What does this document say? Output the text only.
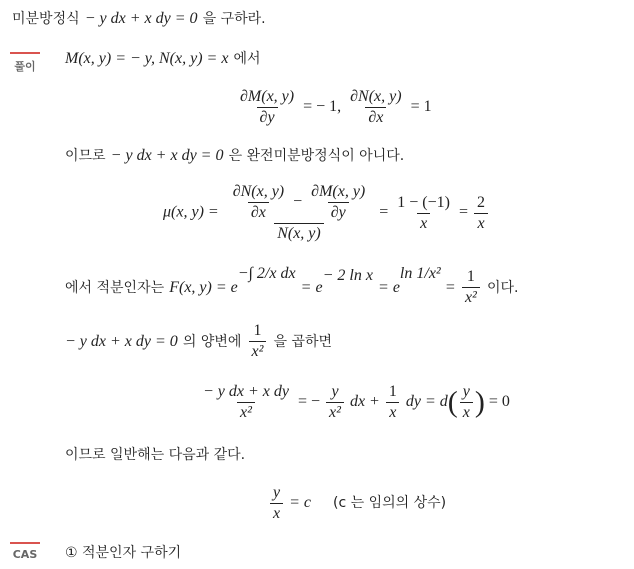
미분방정식 − y dx + x dy = 0 을 구하라.
풀이 M(x, y) = − y, N(x, y) = x 에서
$\frac{\partial M(x, y)}{\partial y}$ = − 1, $\frac{\partial N(x, y)}{\partial x} = 1$
이므로 − y dx + x dy = 0 은 완전미분방정식이 아니다.
μ(x, $y) = \frac{\partial N(x, y)}{\partial x} - \frac{\partial M(x, y)}{\partial y}$
N(x, y)
= $\frac{1 - (-1)}{x} = \frac{2}{x}$
에서 적분인자는 F(x, $y) = e^{-\int 2/x dx} = e^{- 2 ln x} = e^{ln 1/x^2} = \frac{1}{\text{x²}}$ 이다.
− y dx + x dy = 0 의 양변에 $\frac{1}{\text{x²}}$ 을 곱하면
$\frac{\text{− y dx + x dy}}{\text{x²}}$ = − $\frac{y}{\text{x²}}$ dx + $\frac{1}{x}$ dy = $d( \frac{y}{x}$ ) = 0
이므로 일반해는 다음과 같다.
$\frac{y}{x} = c$ (c 는 임의의 상수)
CAS ① 적분인자 구하기
